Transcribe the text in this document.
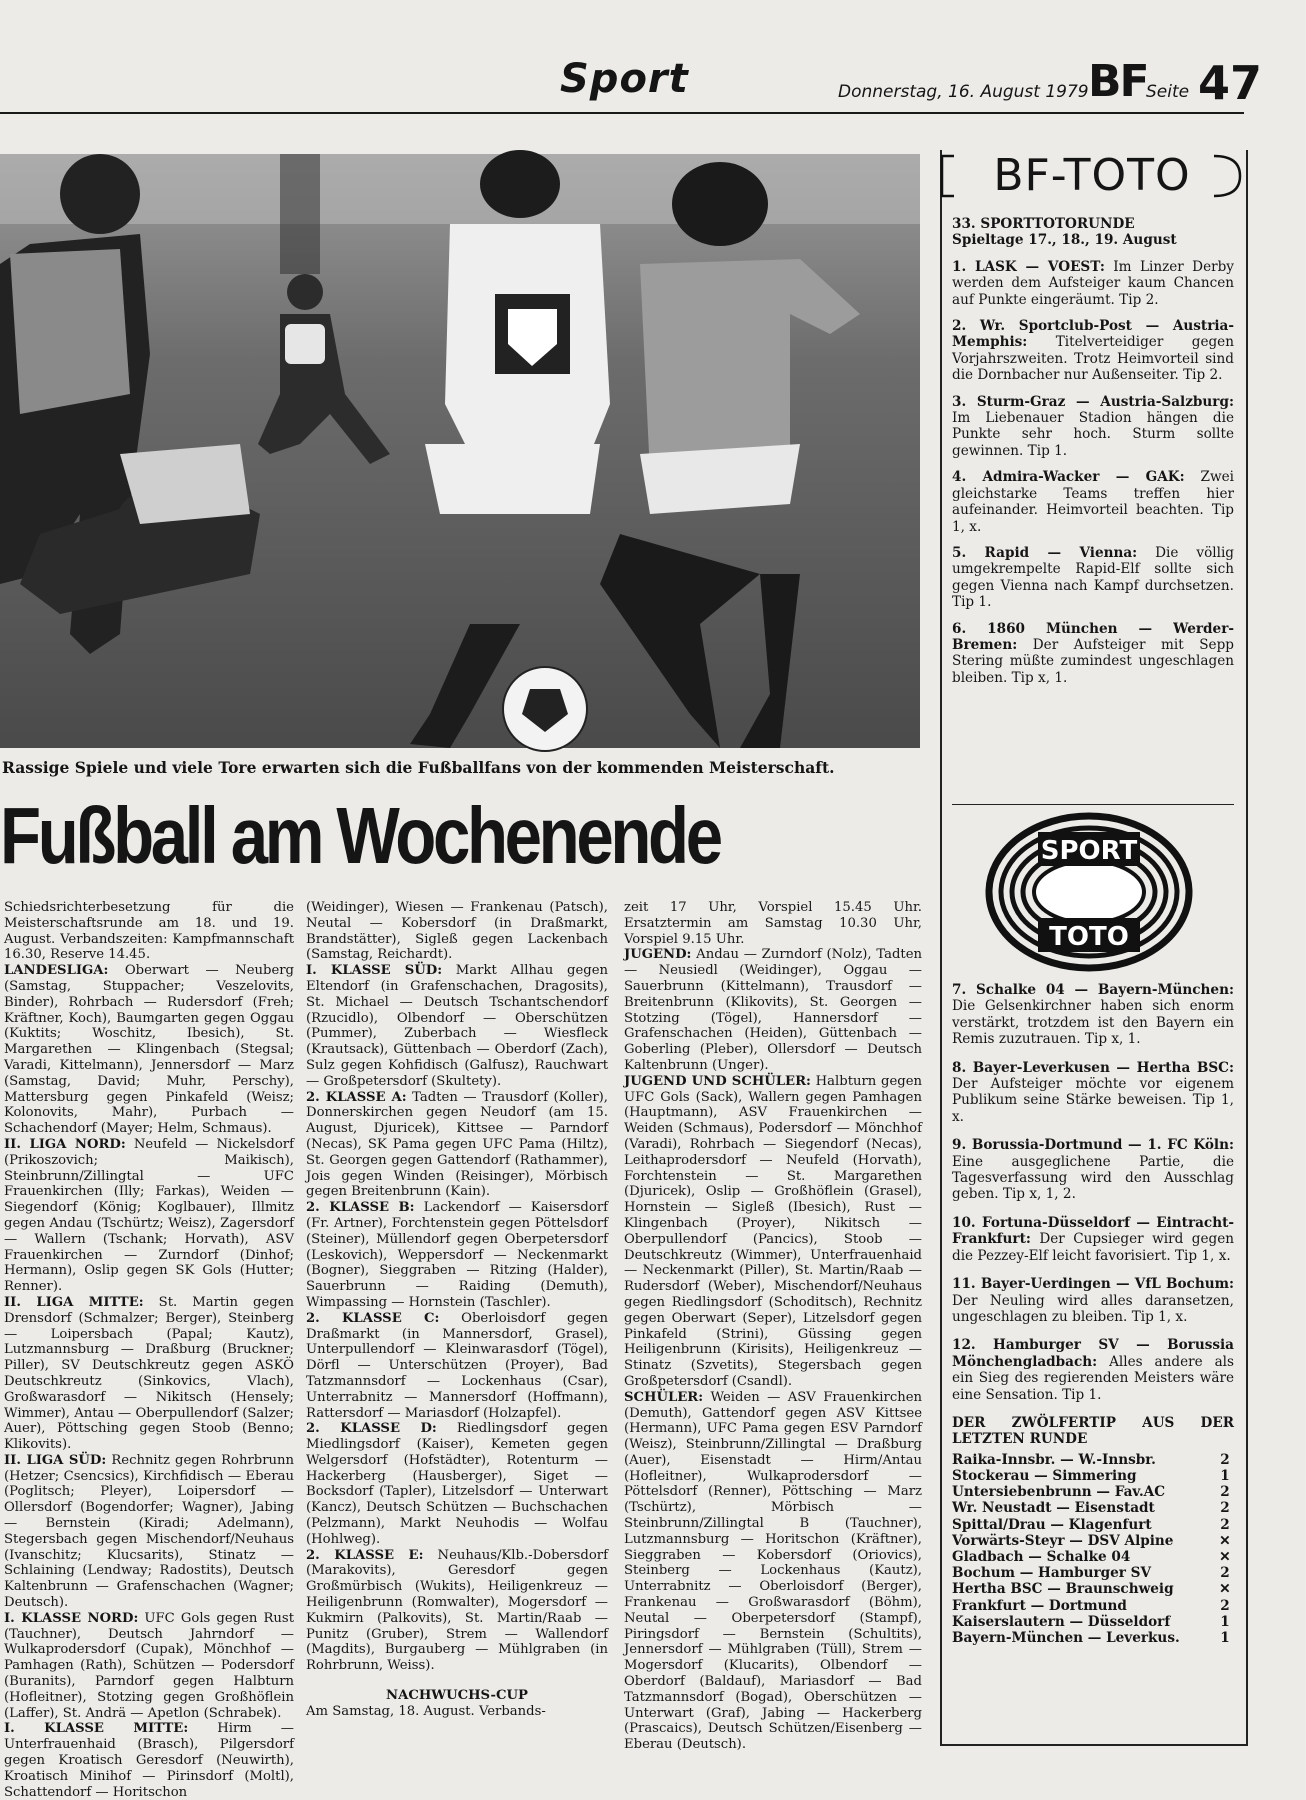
Sport	Donnerstag, 16. August 1979 BF
Seite 47
Rassige Spiele und viele Tore erwarten sich die Fußballfans von der kommenden Meisterschaft.
Fußball am Wochenende

Schiedsrichterbesetzung für die Meisterschaftsrunde am 18. und 19. August. Verbandszeiten: Kampfmannschaft 16.30, Reserve 14.45.

LANDESLIGA: Oberwart — Neuberg (Samstag, Stuppacher; Veszelovits, Binder), Rohrbach — Rudersdorf (Freh; Kräftner, Koch), Baumgarten gegen Oggau (Kuktits; Woschitz, Ibesich), St. Margarethen — Klingenbach (Stegsal; Varadi, Kittelmann), Jennersdorf — Marz (Samstag, David; Muhr, Perschy), Mattersburg gegen Pinkafeld (Weisz; Kolonovits, Mahr), Purbach — Schachendorf (Mayer; Helm, Schmaus).

II. LIGA NORD: Neufeld — Nickelsdorf (Prikoszovich; Maikisch), Steinbrunn/Zillingtal — UFC Frauenkirchen (Illy; Farkas), Weiden — Siegendorf (König; Koglbauer), Illmitz gegen Andau (Tschürtz; Weisz), Zagersdorf — Wallern (Tschank; Horvath), ASV Frauenkirchen — Zurndorf (Dinhof; Hermann), Oslip gegen SK Gols (Hutter; Renner).

II. LIGA MITTE: St. Martin gegen Drensdorf (Schmalzer; Berger), Steinberg — Loipersbach (Papal; Kautz), Lutzmannsburg — Draßburg (Bruckner; Piller), SV Deutschkreutz gegen ASKÖ Deutschkreutz (Sinkovics, Vlach), Großwarasdorf — Nikitsch (Hensely; Wimmer), Antau — Oberpullendorf (Salzer; Auer), Pöttsching gegen Stoob (Benno; Klikovits).

II. LIGA SÜD: Rechnitz gegen Rohrbrunn (Hetzer; Csencsics), Kirchfidisch — Eberau (Poglitsch; Pleyer), Loipersdorf — Ollersdorf (Bogendorfer; Wagner), Jabing — Bernstein (Kiradi; Adelmann), Stegersbach gegen Mischendorf/Neuhaus (Ivanschitz; Klucsarits), Stinatz — Schlaining (Lendway; Radostits), Deutsch Kaltenbrunn — Grafenschachen (Wagner; Deutsch).

I. KLASSE NORD: UFC Gols gegen Rust (Tauchner), Deutsch Jahrndorf — Wulkaprodersdorf (Cupak), Mönchhof — Pamhagen (Rath), Schützen — Podersdorf (Buranits), Parndorf gegen Halbturn (Hofleitner), Stotzing gegen Großhöflein (Laffer), St. Andrä — Apetlon (Schrabek).

I. KLASSE MITTE: Hirm — Unterfrauenhaid (Brasch), Pilgersdorf gegen Kroatisch Geresdorf (Neuwirth), Kroatisch Minihof — Pirinsdorf (Moltl), Schattendorf — Horitschon

(Weidinger), Wiesen — Frankenau (Patsch), Neutal — Kobersdorf (in Draßmarkt, Brandstätter), Sigleß gegen Lackenbach (Samstag, Reichardt).

I. KLASSE SÜD: Markt Allhau gegen Eltendorf (in Grafenschachen, Dragosits), St. Michael — Deutsch Tschantschendorf (Rzucidlo), Olbendorf — Oberschützen (Pummer), Zuberbach — Wiesfleck (Krautsack), Güttenbach — Oberdorf (Zach), Sulz gegen Kohfidisch (Galfusz), Rauchwart — Großpetersdorf (Skultety).

2. KLASSE A: Tadten — Trausdorf (Koller), Donnerskirchen gegen Neudorf (am 15. August, Djuricek), Kittsee — Parndorf (Necas), SK Pama gegen UFC Pama (Hiltz), St. Georgen gegen Gattendorf (Rathammer), Jois gegen Winden (Reisinger), Mörbisch gegen Breitenbrunn (Kain).

2. KLASSE B: Lackendorf — Kaisersdorf (Fr. Artner), Forchtenstein gegen Pöttelsdorf (Steiner), Müllendorf gegen Oberpetersdorf (Leskovich), Weppersdorf — Neckenmarkt (Bogner), Sieggraben — Ritzing (Halder), Sauerbrunn — Raiding (Demuth), Wimpassing — Hornstein (Taschler).

2. KLASSE C: Oberloisdorf gegen Draßmarkt (in Mannersdorf, Grasel), Unterpullendorf — Kleinwarasdorf (Tögel), Dörfl — Unterschützen (Proyer), Bad Tatzmannsdorf — Lockenhaus (Csar), Unterrabnitz — Mannersdorf (Hoffmann), Rattersdorf — Mariasdorf (Holzapfel).

2. KLASSE D: Riedlingsdorf gegen Miedlingsdorf (Kaiser), Kemeten gegen Welgersdorf (Hofstädter), Rotenturm — Hackerberg (Hausberger), Siget — Bocksdorf (Tapler), Litzelsdorf — Unterwart (Kancz), Deutsch Schützen — Buchschachen (Pelzmann), Markt Neuhodis — Wolfau (Hohlweg).

2. KLASSE E: Neuhaus/Klb.-Dobersdorf (Marakovits), Geresdorf gegen Großmürbisch (Wukits), Heiligenkreuz — Heiligenbrunn (Romwalter), Mogersdorf — Kukmirn (Palkovits), St. Martin/Raab — Punitz (Gruber), Strem — Wallendorf (Magdits), Burgauberg — Mühlgraben (in Rohrbrunn, Weiss).

NACHWUCHS-CUP

Am Samstag, 18. August. Verbands-

zeit 17 Uhr, Vorspiel 15.45 Uhr. Ersatztermin am Samstag 10.30 Uhr, Vorspiel 9.15 Uhr.

JUGEND: Andau — Zurndorf (Nolz), Tadten — Neusiedl (Weidinger), Oggau — Sauerbrunn (Kittelmann), Trausdorf — Breitenbrunn (Klikovits), St. Georgen — Stotzing (Tögel), Hannersdorf — Grafenschachen (Heiden), Güttenbach — Goberling (Pleber), Ollersdorf — Deutsch Kaltenbrunn (Unger).

JUGEND UND SCHÜLER: Halbturn gegen UFC Gols (Sack), Wallern gegen Pamhagen (Hauptmann), ASV Frauenkirchen — Weiden (Schmaus), Podersdorf — Mönchhof (Varadi), Rohrbach — Siegendorf (Necas), Leithaprodersdorf — Neufeld (Horvath), Forchtenstein — St. Margarethen (Djuricek), Oslip — Großhöflein (Grasel), Hornstein — Sigleß (Ibesich), Rust — Klingenbach (Proyer), Nikitsch — Oberpullendorf (Pancics), Stoob — Deutschkreutz (Wimmer), Unterfrauenhaid — Neckenmarkt (Piller), St. Martin/Raab — Rudersdorf (Weber), Mischendorf/Neuhaus gegen Riedlingsdorf (Schoditsch), Rechnitz gegen Oberwart (Seper), Litzelsdorf gegen Pinkafeld (Strini), Güssing gegen Heiligenbrunn (Kirisits), Heiligenkreuz — Stinatz (Szvetits), Stegersbach gegen Großpetersdorf (Csandl).

SCHÜLER: Weiden — ASV Frauenkirchen (Demuth), Gattendorf gegen ASV Kittsee (Hermann), UFC Pama gegen ESV Parndorf (Weisz), Steinbrunn/Zillingtal — Draßburg (Auer), Eisenstadt — Hirm/Antau (Hofleitner), Wulkaprodersdorf — Pöttelsdorf (Renner), Pöttsching — Marz (Tschürtz), Mörbisch — Steinbrunn/Zillingtal B (Tauchner), Lutzmannsburg — Horitschon (Kräftner), Sieggraben — Kobersdorf (Oriovics), Steinberg — Lockenhaus (Kautz), Unterrabnitz — Oberloisdorf (Berger), Frankenau — Großwarasdorf (Böhm), Neutal — Oberpetersdorf (Stampf), Piringsdorf — Bernstein (Schultits), Jennersdorf — Mühlgraben (Tüll), Strem — Mogersdorf (Klucarits), Olbendorf — Oberdorf (Baldauf), Mariasdorf — Bad Tatzmannsdorf (Bogad), Oberschützen — Unterwart (Graf), Jabing — Hackerberg (Prascaics), Deutsch Schützen/Eisenberg — Eberau (Deutsch).

BF-TOTO

33. SPORTTOTORUNDE

Spieltage 17., 18., 19. August

1. LASK — VOEST: Im Linzer Derby werden dem Aufsteiger kaum Chancen auf Punkte eingeräumt. Tip 2.

2. Wr. Sportclub-Post — Austria-Memphis: Titelverteidiger gegen Vorjahrszweiten. Trotz Heimvorteil sind die Dornbacher nur Außenseiter. Tip 2.

3. Sturm-Graz — Austria-Salzburg: Im Liebenauer Stadion hängen die Punkte sehr hoch. Sturm sollte gewinnen. Tip 1.

4. Admira-Wacker — GAK: Zwei gleichstarke Teams treffen hier aufeinander. Heimvorteil beachten. Tip 1, x.

5. Rapid — Vienna: Die völlig umgekrempelte Rapid-Elf sollte sich gegen Vienna nach Kampf durchsetzen. Tip 1.

6. 1860 München — Werder-Bremen: Der Aufsteiger mit Sepp Stering müßte zumindest ungeschlagen bleiben. Tip x, 1.

SPORT
TOTO

7. Schalke 04 — Bayern-München: Die Gelsenkirchner haben sich enorm verstärkt, trotzdem ist den Bayern ein Remis zuzutrauen. Tip x, 1.

8. Bayer-Leverkusen — Hertha BSC: Der Aufsteiger möchte vor eigenem Publikum seine Stärke beweisen. Tip 1, x.

9. Borussia-Dortmund — 1. FC Köln: Eine ausgeglichene Partie, die Tagesverfassung wird den Ausschlag geben. Tip x, 1, 2.

10. Fortuna-Düsseldorf — Eintracht-Frankfurt: Der Cupsieger wird gegen die Pezzey-Elf leicht favorisiert. Tip 1, x.

11. Bayer-Uerdingen — VfL Bochum: Der Neuling wird alles daransetzen, ungeschlagen zu bleiben. Tip 1, x.

12. Hamburger SV — Borussia Mönchengladbach: Alles andere als ein Sieg des regierenden Meisters wäre eine Sensation. Tip 1.

DER ZWÖLFERTIP AUS DER LETZTEN RUNDE
Raika-Innsbr. — W.-Innsbr.	2
Stockerau — Simmering	1
Untersiebenbrunn — Fav.AC	2
Wr. Neustadt — Eisenstadt	2
Spittal/Drau — Klagenfurt	2
Vorwärts-Steyr — DSV Alpine	✕
Gladbach — Schalke 04	✕
Bochum — Hamburger SV	2
Hertha BSC — Braunschweig	✕
Frankfurt — Dortmund	2
Kaiserslautern — Düsseldorf	1
Bayern-München — Leverkus.	1
